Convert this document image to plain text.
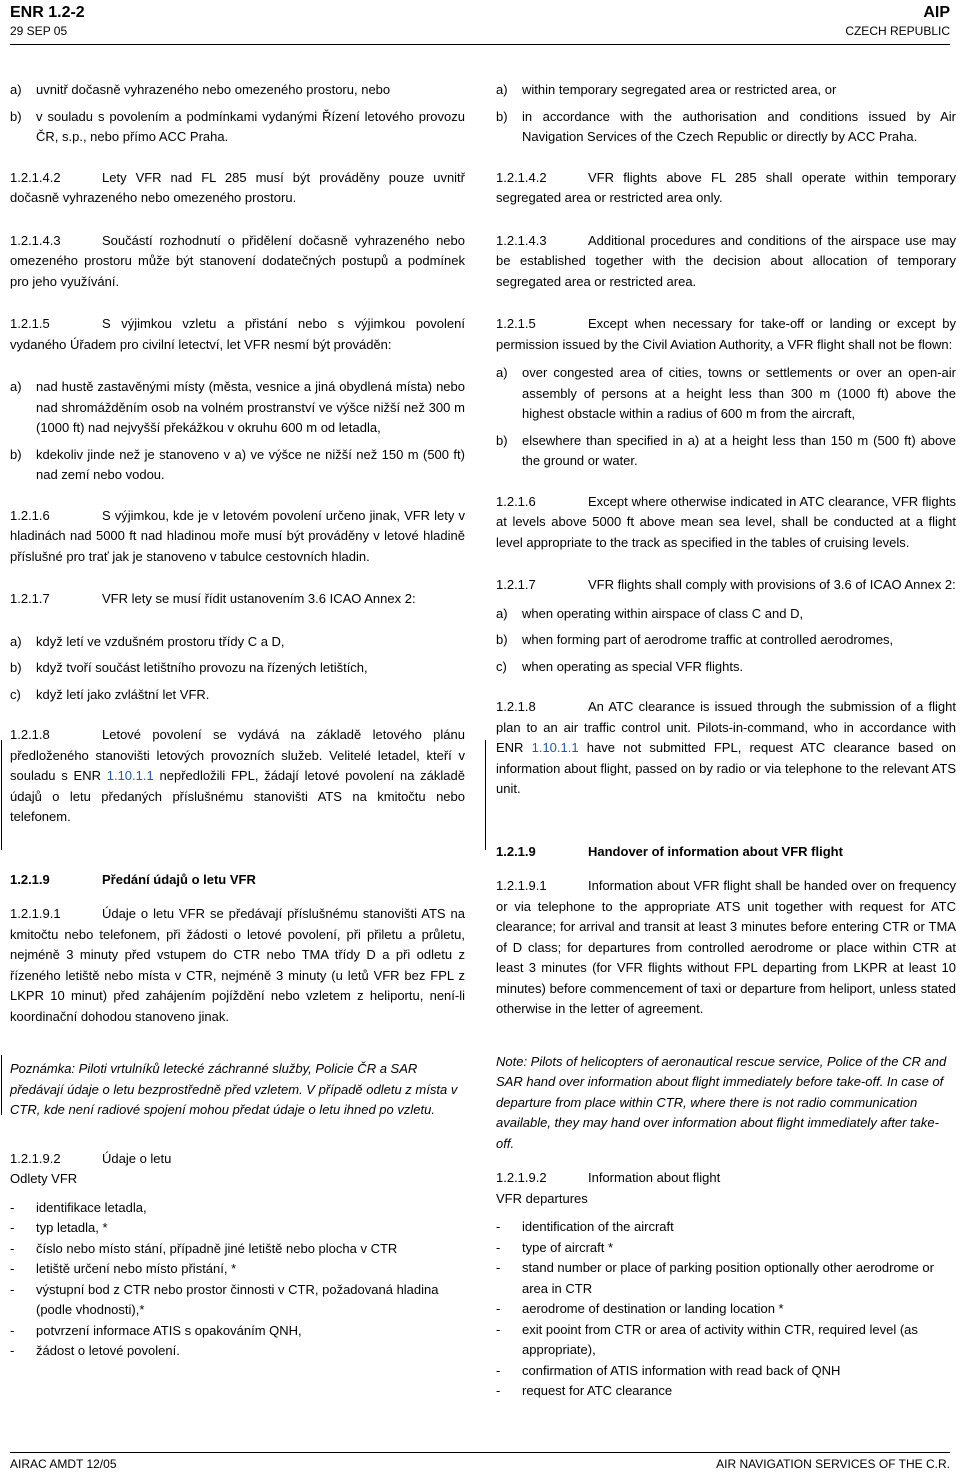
ENR 1.2-2
29 SEP 05
AIP
CZECH REPUBLIC
a)	uvnitř dočasně vyhrazeného nebo omezeného prostoru, nebo
b)	v souladu s povolením a podmínkami vydanými Řízení letového provozu ČR, s.p., nebo přímo ACC Praha.

1.2.1.4.2	Lety VFR nad FL 285 musí být prováděny pouze uvnitř dočasně vyhrazeného nebo omezeného prostoru.

1.2.1.4.3	Součástí rozhodnutí o přidělení dočasně vyhrazeného nebo omezeného prostoru může být stanovení dodatečných postupů a podmínek pro jeho využívání.

1.2.1.5	S výjimkou vzletu a přistání nebo s výjimkou povolení vydaného Úřadem pro civilní letectví, let VFR nesmí být prováděn:

a)	nad hustě zastavěnými místy (města, vesnice a jiná obydlená místa) nebo nad shromážděním osob na volném prostranství ve výšce nižší než 300 m (1000 ft) nad nejvyšší překážkou v okruhu 600 m od letadla,
b)	kdekoliv jinde než je stanoveno v a) ve výšce ne nižší než 150 m (500 ft) nad zemí nebo vodou.

1.2.1.6	S výjimkou, kde je v letovém povolení určeno jinak, VFR lety v hladinách nad 5000 ft nad hladinou moře musí být prováděny v letové hladině příslušné pro trať jak je stanoveno v tabulce cestovních hladin.

1.2.1.7	VFR lety se musí řídit ustanovením 3.6 ICAO Annex 2:

a)	když letí ve vzdušném prostoru třídy C a D,
b)	když tvoří součást letištního provozu na řízených letištích,
c)	když letí jako zvláštní let VFR.

1.2.1.8	Letové povolení se vydává na základě letového plánu předloženého stanovišti letových provozních služeb. Velitelé letadel, kteří v souladu s ENR 1.10.1.1 nepředložili FPL, žádají letové povolení na základě údajů o letu předaných příslušnému stanovišti ATS na kmitočtu nebo telefonem.

1.2.1.9	Předání údajů o letu VFR

1.2.1.9.1	Údaje o letu VFR se předávají příslušnému stanovišti ATS na kmitočtu nebo telefonem, při žádosti o letové povolení, při přiletu a průletu, nejméně 3 minuty před vstupem do CTR nebo TMA třídy D a při odletu z řízeného letiště nebo místa v CTR, nejméně 3 minuty (u letů VFR bez FPL z LKPR 10 minut) před zahájením pojíždění nebo vzletem z heliportu, není-li koordinační dohodou stanoveno jinak.

Poznámka: Piloti vrtulníků letecké záchranné služby, Policie ČR a SAR předávají údaje o letu bezprostředně před vzletem. V případě odletu z místa v CTR, kde není radiové spojení mohou předat údaje o letu ihned po vzletu.

1.2.1.9.2	Údaje o letu

Odlety VFR

-	identifikace letadla,
-	typ letadla, *
-	číslo nebo místo stání, případně jiné letiště nebo plocha v CTR
-	letiště určení nebo místo přistání, *
-	výstupní bod z CTR nebo prostor činnosti v CTR, požadovaná hladina (podle vhodnosti),*
-	potvrzení informace ATIS s opakováním QNH,
-	žádost o letové povolení.
a)	within temporary segregated area or restricted area, or
b)	in accordance with the authorisation and conditions issued by Air Navigation Services of the Czech Republic or directly by ACC Praha.

1.2.1.4.2	VFR flights above FL 285 shall operate within temporary segregated area or restricted area only.

1.2.1.4.3	Additional procedures and conditions of the airspace use may be established together with the decision about allocation of temporary segregated area or restricted area.

1.2.1.5	Except when necessary for take-off or landing or except by permission issued by the Civil Aviation Authority, a VFR flight shall not be flown:

a)	over congested area of cities, towns or settlements or over an open-air assembly of persons at a height less than 300 m (1000 ft) above the highest obstacle within a radius of 600 m from the aircraft,
b)	elsewhere than specified in a) at a height less than 150 m (500 ft) above the ground or water.

1.2.1.6	Except where otherwise indicated in ATC clearance, VFR flights at levels above 5000 ft above mean sea level, shall be conducted at a flight level appropriate to the track as specified in the tables of cruising levels.

1.2.1.7	VFR flights shall comply with provisions of 3.6 of ICAO Annex 2:

a)	when operating within airspace of class C and D,
b)	when forming part of aerodrome traffic at controlled aerodromes,
c)	when operating as special VFR flights.

1.2.1.8	An ATC clearance is issued through the submission of a flight plan to an air traffic control unit. Pilots-in-command, who in accordance with ENR 1.10.1.1 have not submitted FPL, request ATC clearance based on information about flight, passed on by radio or via telephone to the relevant ATS unit.

1.2.1.9	Handover of information about VFR flight

1.2.1.9.1	Information about VFR flight shall be handed over on frequency or via telephone to the appropriate ATS unit together with request for ATC clearance; for arrival and transit at least 3 minutes before entering CTR or TMA of D class; for departures from controlled aerodrome or place within CTR at least 3 minutes (for VFR flights without FPL departing from LKPR at least 10 minutes) before commencement of taxi or departure from heliport, unless stated otherwise in the letter of agreement.

Note: Pilots of helicopters of aeronautical rescue service, Police of the CR and SAR hand over information about flight immediately before take-off. In case of departure from place within CTR, where there is not radio communication available, they may hand over information about flight immediately after take-off.

1.2.1.9.2	Information about flight

VFR departures

-	identification of the aircraft
-	type of aircraft *
-	stand number or place of parking position optionally other aerodrome or area in CTR
-	aerodrome of destination or landing location *
-	exit pooint from CTR or area of activity within CTR, required level (as appropriate),
-	confirmation of ATIS information with read back of QNH
-	request for ATC clearance
AIRAC AMDT 12/05	AIR NAVIGATION SERVICES OF THE C.R.
